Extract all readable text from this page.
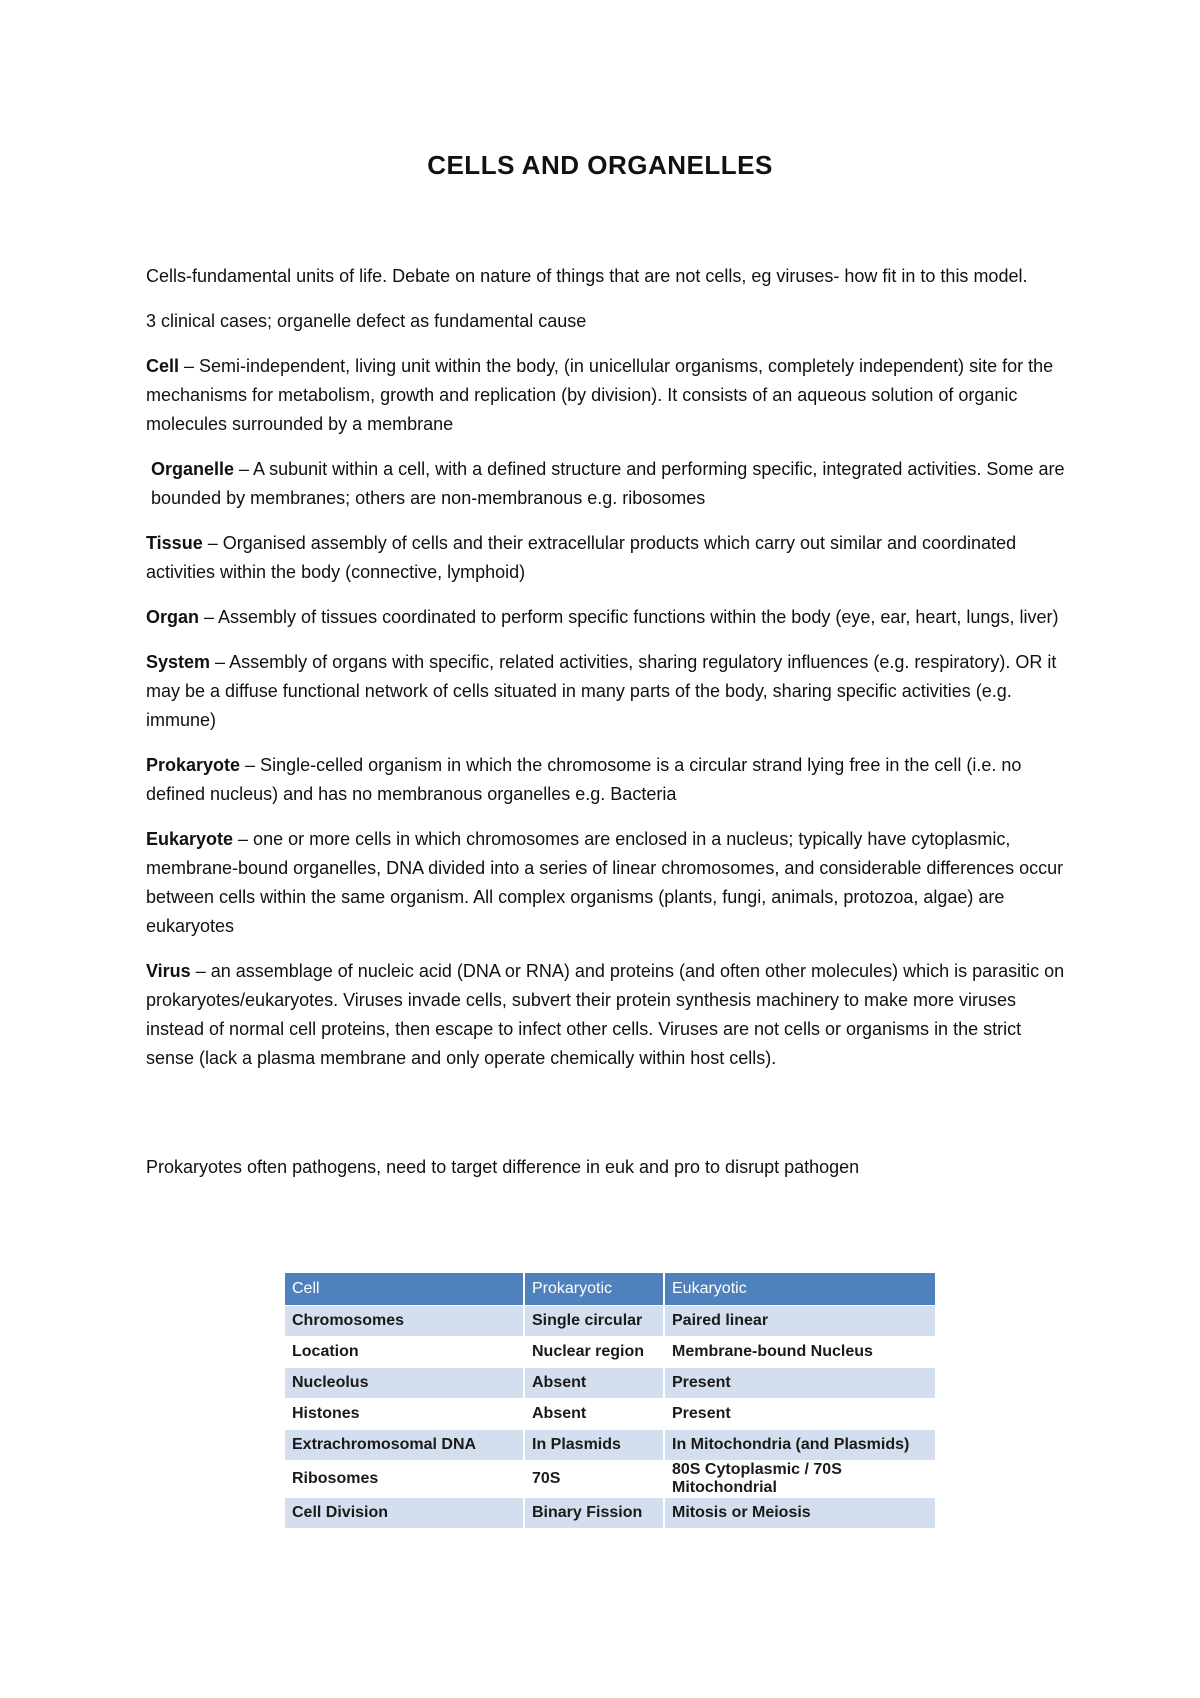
CELLS AND ORGANELLES

Cells-fundamental units of life. Debate on nature of things that are not cells, eg viruses- how fit in to this model.

3 clinical cases; organelle defect as fundamental cause

Cell – Semi-independent, living unit within the body, (in unicellular organisms, completely independent) site for the mechanisms for metabolism, growth and replication (by division). It consists of an aqueous solution of organic molecules surrounded by a membrane

Organelle – A subunit within a cell, with a defined structure and performing specific, integrated activities. Some are bounded by membranes; others are non-membranous e.g. ribosomes

Tissue – Organised assembly of cells and their extracellular products which carry out similar and coordinated activities within the body (connective, lymphoid)

Organ – Assembly of tissues coordinated to perform specific functions within the body (eye, ear, heart, lungs, liver)

System – Assembly of organs with specific, related activities, sharing regulatory influences (e.g. respiratory). OR it may be a diffuse functional network of cells situated in many parts of the body, sharing specific activities (e.g. immune)

Prokaryote – Single-celled organism in which the chromosome is a circular strand lying free in the cell (i.e. no defined nucleus) and has no membranous organelles e.g. Bacteria

Eukaryote – one or more cells in which chromosomes are enclosed in a nucleus; typically have cytoplasmic, membrane-bound organelles, DNA divided into a series of linear chromosomes, and considerable differences occur between cells within the same organism. All complex organisms (plants, fungi, animals, protozoa, algae) are eukaryotes

Virus – an assemblage of nucleic acid (DNA or RNA) and proteins (and often other molecules) which is parasitic on prokaryotes/eukaryotes. Viruses invade cells, subvert their protein synthesis machinery to make more viruses instead of normal cell proteins, then escape to infect other cells. Viruses are not cells or organisms in the strict sense (lack a plasma membrane and only operate chemically within host cells).

Prokaryotes often pathogens, need to target difference in euk and pro to disrupt pathogen

Cell	Prokaryotic	Eukaryotic
Chromosomes	Single circular	Paired linear
Location	Nuclear region	Membrane-bound Nucleus
Nucleolus	Absent	Present
Histones	Absent	Present
Extrachromosomal DNA	In Plasmids	In Mitochondria (and Plasmids)
Ribosomes	70S	80S Cytoplasmic / 70S Mitochondrial
Cell Division	Binary Fission	Mitosis or Meiosis
